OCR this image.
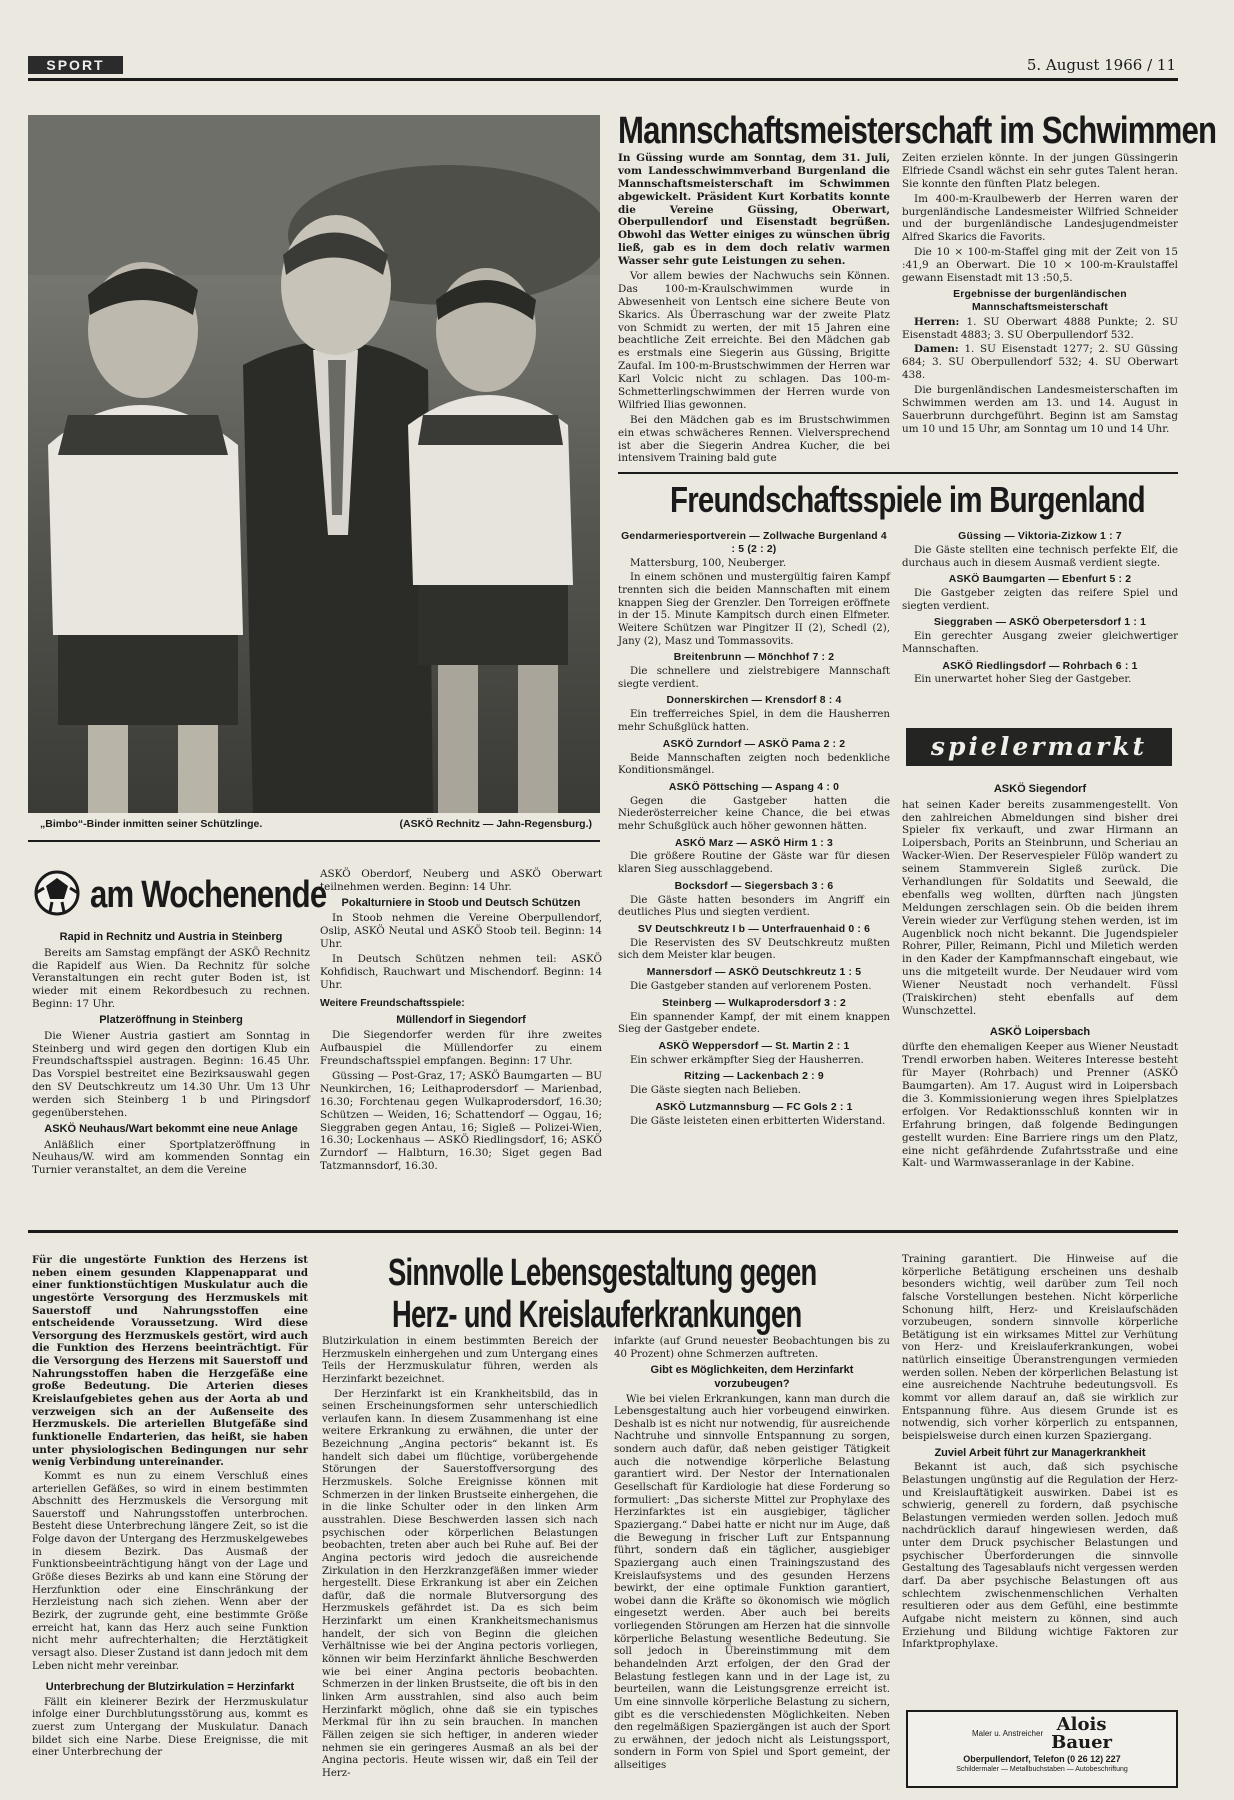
SPORT	5. August 1966 / 11
„Bimbo“-Binder inmitten seiner Schützlinge.	(ASKÖ Rechnitz — Jahn-Regensburg.)
Mannschaftsmeisterschaft im Schwimmen

In Güssing wurde am Sonntag, dem 31. Juli, vom Landesschwimmverband Burgenland die Mannschaftsmeisterschaft im Schwimmen abgewickelt. Präsident Kurt Korbatits konnte die Vereine Güssing, Oberwart, Oberpullendorf und Eisenstadt begrüßen. Obwohl das Wetter einiges zu wünschen übrig ließ, gab es in dem doch relativ warmen Wasser sehr gute Leistungen zu sehen.

Vor allem bewies der Nachwuchs sein Können. Das 100-m-Kraulschwimmen wurde in Abwesenheit von Lentsch eine sichere Beute von Skarics. Als Überraschung war der zweite Platz von Schmidt zu werten, der mit 15 Jahren eine beachtliche Zeit erreichte. Bei den Mädchen gab es erstmals eine Siegerin aus Güssing, Brigitte Zaufal. Im 100-m-Brustschwimmen der Herren war Karl Volcic nicht zu schlagen. Das 100-m-Schmetterlingschwimmen der Herren wurde von Wilfried Ilias gewonnen.

Bei den Mädchen gab es im Brustschwimmen ein etwas schwächeres Rennen. Vielversprechend ist aber die Siegerin Andrea Kucher, die bei intensivem Training bald gute

Zeiten erzielen könnte. In der jungen Güssingerin Elfriede Csandl wächst ein sehr gutes Talent heran. Sie konnte den fünften Platz belegen.

Im 400-m-Kraulbewerb der Herren waren der burgenländische Landesmeister Wilfried Schneider und der burgenländische Landesjugendmeister Alfred Skarics die Favorits.

Die 10 × 100-m-Staffel ging mit der Zeit von 15 :41,9 an Oberwart. Die 10 × 100-m-Kraulstaffel gewann Eisenstadt mit 13 :50,5.

Ergebnisse der burgenländischen Mannschaftsmeisterschaft

Herren: 1. SU Oberwart 4888 Punkte; 2. SU Eisenstadt 4883; 3. SU Oberpullendorf 532.

Damen: 1. SU Eisenstadt 1277; 2. SU Güssing 684; 3. SU Oberpullendorf 532; 4. SU Oberwart 438.

Die burgenländischen Landesmeisterschaften im Schwimmen werden am 13. und 14. August in Sauerbrunn durchgeführt. Beginn ist am Samstag um 10 und 15 Uhr, am Sonntag um 10 und 14 Uhr.

Freundschaftsspiele im Burgenland
Gendarmeriesportverein — Zollwache Burgenland 4 : 5 (2 : 2)

Mattersburg, 100, Neuberger.

In einem schönen und mustergültig fairen Kampf trennten sich die beiden Mannschaften mit einem knappen Sieg der Grenzler. Den Torreigen eröffnete in der 15. Minute Kampitsch durch einen Elfmeter. Weitere Schützen war Pingitzer II (2), Schedl (2), Jany (2), Masz und Tommassovits.

Breitenbrunn — Mönchhof 7 : 2

Die schnellere und zielstrebigere Mannschaft siegte verdient.

Donnerskirchen — Krensdorf 8 : 4

Ein trefferreiches Spiel, in dem die Hausherren mehr Schußglück hatten.

ASKÖ Zurndorf — ASKÖ Pama 2 : 2

Beide Mannschaften zeigten noch bedenkliche Konditionsmängel.

ASKÖ Pöttsching — Aspang 4 : 0

Gegen die Gastgeber hatten die Niederösterreicher keine Chance, die bei etwas mehr Schußglück auch höher gewonnen hätten.

ASKÖ Marz — ASKÖ Hirm 1 : 3

Die größere Routine der Gäste war für diesen klaren Sieg ausschlaggebend.

Bocksdorf — Siegersbach 3 : 6

Die Gäste hatten besonders im Angriff ein deutliches Plus und siegten verdient.

SV Deutschkreutz I b — Unterfrauenhaid 0 : 6

Die Reservisten des SV Deutschkreutz mußten sich dem Meister klar beugen.

Mannersdorf — ASKÖ Deutschkreutz 1 : 5

Die Gastgeber standen auf verlorenem Posten.

Steinberg — Wulkaprodersdorf 3 : 2

Ein spannender Kampf, der mit einem knappen Sieg der Gastgeber endete.

ASKÖ Weppersdorf — St. Martin 2 : 1

Ein schwer erkämpfter Sieg der Hausherren.

Ritzing — Lackenbach 2 : 9

Die Gäste siegten nach Belieben.

ASKÖ Lutzmannsburg — FC Gols 2 : 1

Die Gäste leisteten einen erbitterten Widerstand.

Güssing — Viktoria-Zizkow 1 : 7

Die Gäste stellten eine technisch perfekte Elf, die durchaus auch in diesem Ausmaß verdient siegte.

ASKÖ Baumgarten — Ebenfurt 5 : 2

Die Gastgeber zeigten das reifere Spiel und siegten verdient.

Sieggraben — ASKÖ Oberpetersdorf 1 : 1

Ein gerechter Ausgang zweier gleichwertiger Mannschaften.

ASKÖ Riedlingsdorf — Rohrbach 6 : 1

Ein unerwartet hoher Sieg der Gastgeber.

spielermarkt
ASKÖ Siegendorf

hat seinen Kader bereits zusammengestellt. Von den zahlreichen Abmeldungen sind bisher drei Spieler fix verkauft, und zwar Hirmann an Loipersbach, Porits an Steinbrunn, und Scheriau an Wacker-Wien. Der Reservespieler Fülöp wandert zu seinem Stammverein Sigleß zurück. Die Verhandlungen für Soldatits und Seewald, die ebenfalls weg wollten, dürften nach jüngsten Meldungen zerschlagen sein. Ob die beiden ihrem Verein wieder zur Verfügung stehen werden, ist im Augenblick noch nicht bekannt. Die Jugendspieler Rohrer, Piller, Reimann, Pichl und Miletich werden in den Kader der Kampfmannschaft eingebaut, wie uns die mitgeteilt wurde. Der Neudauer wird vom Wiener Neustadt noch verhandelt. Füssl (Traiskirchen) steht ebenfalls auf dem Wunschzettel.

ASKÖ Loipersbach

dürfte den ehemaligen Keeper aus Wiener Neustadt Trendl erworben haben. Weiteres Interesse besteht für Mayer (Rohrbach) und Prenner (ASKÖ Baumgarten). Am 17. August wird in Loipersbach die 3. Kommissionierung wegen ihres Spielplatzes erfolgen. Vor Redaktionsschluß konnten wir in Erfahrung bringen, daß folgende Bedingungen gestellt wurden: Eine Barriere rings um den Platz, eine nicht gefährdende Zufahrtsstraße und eine Kalt- und Warmwasseranlage in der Kabine.

am Wochenende
Rapid in Rechnitz und Austria in Steinberg

Bereits am Samstag empfängt der ASKÖ Rechnitz die Rapidelf aus Wien. Da Rechnitz für solche Veranstaltungen ein recht guter Boden ist, ist wieder mit einem Rekordbesuch zu rechnen. Beginn: 17 Uhr.

Platzeröffnung in Steinberg

Die Wiener Austria gastiert am Sonntag in Steinberg und wird gegen den dortigen Klub ein Freundschaftsspiel austragen. Beginn: 16.45 Uhr. Das Vorspiel bestreitet eine Bezirksauswahl gegen den SV Deutschkreutz um 14.30 Uhr. Um 13 Uhr werden sich Steinberg 1 b und Piringsdorf gegenüberstehen.

ASKÖ Neuhaus/Wart bekommt eine neue Anlage

Anläßlich einer Sportplatzeröffnung in Neuhaus/W. wird am kommenden Sonntag ein Turnier veranstaltet, an dem die Vereine

ASKÖ Oberdorf, Neuberg und ASKÖ Oberwart teilnehmen werden. Beginn: 14 Uhr.

Pokalturniere in Stoob und Deutsch Schützen

In Stoob nehmen die Vereine Oberpullendorf, Oslip, ASKÖ Neutal und ASKÖ Stoob teil. Beginn: 14 Uhr.

In Deutsch Schützen nehmen teil: ASKÖ Kohfidisch, Rauchwart und Mischendorf. Beginn: 14 Uhr.

Weitere Freundschaftsspiele:
Müllendorf in Siegendorf

Die Siegendorfer werden für ihre zweites Aufbauspiel die Müllendorfer zu einem Freundschaftsspiel empfangen. Beginn: 17 Uhr.

Güssing — Post-Graz, 17; ASKÖ Baumgarten — BU Neunkirchen, 16; Leithaprodersdorf — Marienbad, 16.30; Forchtenau gegen Wulkaprodersdorf, 16.30; Schützen — Weiden, 16; Schattendorf — Oggau, 16; Sieggraben gegen Antau, 16; Sigleß — Polizei-Wien, 16.30; Lockenhaus — ASKÖ Riedlingsdorf, 16; ASKÖ Zurndorf — Halbturn, 16.30; Siget gegen Bad Tatzmannsdorf, 16.30.

Für die ungestörte Funktion des Herzens ist neben einem gesunden Klappenapparat und einer funktionstüchtigen Muskulatur auch die ungestörte Versorgung des Herzmuskels mit Sauerstoff und Nahrungsstoffen eine entscheidende Voraussetzung. Wird diese Versorgung des Herzmuskels gestört, wird auch die Funktion des Herzens beeinträchtigt. Für die Versorgung des Herzens mit Sauerstoff und Nahrungsstoffen haben die Herzgefäße eine große Bedeutung. Die Arterien dieses Kreislaufgebietes gehen aus der Aorta ab und verzweigen sich an der Außenseite des Herzmuskels. Die arteriellen Blutgefäße sind funktionelle Endarterien, das heißt, sie haben unter physiologischen Bedingungen nur sehr wenig Verbindung untereinander.

Kommt es nun zu einem Verschluß eines arteriellen Gefäßes, so wird in einem bestimmten Abschnitt des Herzmuskels die Versorgung mit Sauerstoff und Nahrungsstoffen unterbrochen. Besteht diese Unterbrechung längere Zeit, so ist die Folge davon der Untergang des Herzmuskelgewebes in diesem Bezirk. Das Ausmaß der Funktionsbeeinträchtigung hängt von der Lage und Größe dieses Bezirks ab und kann eine Störung der Herzfunktion oder eine Einschränkung der Herzleistung nach sich ziehen. Wenn aber der Bezirk, der zugrunde geht, eine bestimmte Größe erreicht hat, kann das Herz auch seine Funktion nicht mehr aufrechterhalten; die Herztätigkeit versagt also. Dieser Zustand ist dann jedoch mit dem Leben nicht mehr vereinbar.

Unterbrechung der Blutzirkulation = Herzinfarkt

Fällt ein kleinerer Bezirk der Herzmuskulatur infolge einer Durchblutungsstörung aus, kommt es zuerst zum Untergang der Muskulatur. Danach bildet sich eine Narbe. Diese Ereignisse, die mit einer Unterbrechung der

Sinnvolle Lebensgestaltung gegen
Herz- und Kreislauferkrankungen

Blutzirkulation in einem bestimmten Bereich der Herzmuskeln einhergehen und zum Untergang eines Teils der Herzmuskulatur führen, werden als Herzinfarkt bezeichnet.

Der Herzinfarkt ist ein Krankheitsbild, das in seinen Erscheinungsformen sehr unterschiedlich verlaufen kann. In diesem Zusammenhang ist eine weitere Erkrankung zu erwähnen, die unter der Bezeichnung „Angina pectoris“ bekannt ist. Es handelt sich dabei um flüchtige, vorübergehende Störungen der Sauerstoffversorgung des Herzmuskels. Solche Ereignisse können mit Schmerzen in der linken Brustseite einhergehen, die in die linke Schulter oder in den linken Arm ausstrahlen. Diese Beschwerden lassen sich nach psychischen oder körperlichen Belastungen beobachten, treten aber auch bei Ruhe auf. Bei der Angina pectoris wird jedoch die ausreichende Zirkulation in den Herzkranzgefäßen immer wieder hergestellt. Diese Erkrankung ist aber ein Zeichen dafür, daß die normale Blutversorgung des Herzmuskels gefährdet ist. Da es sich beim Herzinfarkt um einen Krankheitsmechanismus handelt, der sich von Beginn die gleichen Verhältnisse wie bei der Angina pectoris vorliegen, können wir beim Herzinfarkt ähnliche Beschwerden wie bei einer Angina pectoris beobachten. Schmerzen in der linken Brustseite, die oft bis in den linken Arm ausstrahlen, sind also auch beim Herzinfarkt möglich, ohne daß sie ein typisches Merkmal für ihn zu sein brauchen. In manchen Fällen zeigen sie sich heftiger, in anderen wieder nehmen sie ein geringeres Ausmaß an als bei der Angina pectoris. Heute wissen wir, daß ein Teil der Herz-

infarkte (auf Grund neuester Beobachtungen bis zu 40 Prozent) ohne Schmerzen auftreten.

Gibt es Möglichkeiten, dem Herzinfarkt vorzubeugen?

Wie bei vielen Erkrankungen, kann man durch die Lebensgestaltung auch hier vorbeugend einwirken. Deshalb ist es nicht nur notwendig, für ausreichende Nachtruhe und sinnvolle Entspannung zu sorgen, sondern auch dafür, daß neben geistiger Tätigkeit auch die notwendige körperliche Belastung garantiert wird. Der Nestor der Internationalen Gesellschaft für Kardiologie hat diese Forderung so formuliert: „Das sicherste Mittel zur Prophylaxe des Herzinfarktes ist ein ausgiebiger, täglicher Spaziergang.“ Dabei hatte er nicht nur im Auge, daß die Bewegung in frischer Luft zur Entspannung führt, sondern daß ein täglicher, ausgiebiger Spaziergang auch einen Trainingszustand des Kreislaufsystems und des gesunden Herzens bewirkt, der eine optimale Funktion garantiert, wobei dann die Kräfte so ökonomisch wie möglich eingesetzt werden. Aber auch bei bereits vorliegenden Störungen am Herzen hat die sinnvolle körperliche Belastung wesentliche Bedeutung. Sie soll jedoch in Übereinstimmung mit dem behandelnden Arzt erfolgen, der den Grad der Belastung festlegen kann und in der Lage ist, zu beurteilen, wann die Leistungsgrenze erreicht ist. Um eine sinnvolle körperliche Belastung zu sichern, gibt es die verschiedensten Möglichkeiten. Neben den regelmäßigen Spaziergängen ist auch der Sport zu erwähnen, der jedoch nicht als Leistungssport, sondern in Form von Spiel und Sport gemeint, der allseitiges

Training garantiert. Die Hinweise auf die körperliche Betätigung erscheinen uns deshalb besonders wichtig, weil darüber zum Teil noch falsche Vorstellungen bestehen. Nicht körperliche Schonung hilft, Herz- und Kreislaufschäden vorzubeugen, sondern sinnvolle körperliche Betätigung ist ein wirksames Mittel zur Verhütung von Herz- und Kreislauferkrankungen, wobei natürlich einseitige Überanstrengungen vermieden werden sollen. Neben der körperlichen Belastung ist eine ausreichende Nachtruhe bedeutungsvoll. Es kommt vor allem darauf an, daß sie wirklich zur Entspannung führe. Aus diesem Grunde ist es notwendig, sich vorher körperlich zu entspannen, beispielsweise durch einen kurzen Spaziergang.

Zuviel Arbeit führt zur Managerkrankheit

Bekannt ist auch, daß sich psychische Belastungen ungünstig auf die Regulation der Herz- und Kreislauftätigkeit auswirken. Dabei ist es schwierig, generell zu fordern, daß psychische Belastungen vermieden werden sollen. Jedoch muß nachdrücklich darauf hingewiesen werden, daß unter dem Druck psychischer Belastungen und psychischer Überforderungen die sinnvolle Gestaltung des Tagesablaufs nicht vergessen werden darf. Da aber psychische Belastungen oft aus schlechtem zwischenmenschlichen Verhalten resultieren oder aus dem Gefühl, eine bestimmte Aufgabe nicht meistern zu können, sind auch Erziehung und Bildung wichtige Faktoren zur Infarktprophylaxe.

Maler u. Anstreicher Alois
Bauer
Oberpullendorf, Telefon (0 26 12) 227
Schildermaler — Metallbuchstaben — Autobeschriftung
